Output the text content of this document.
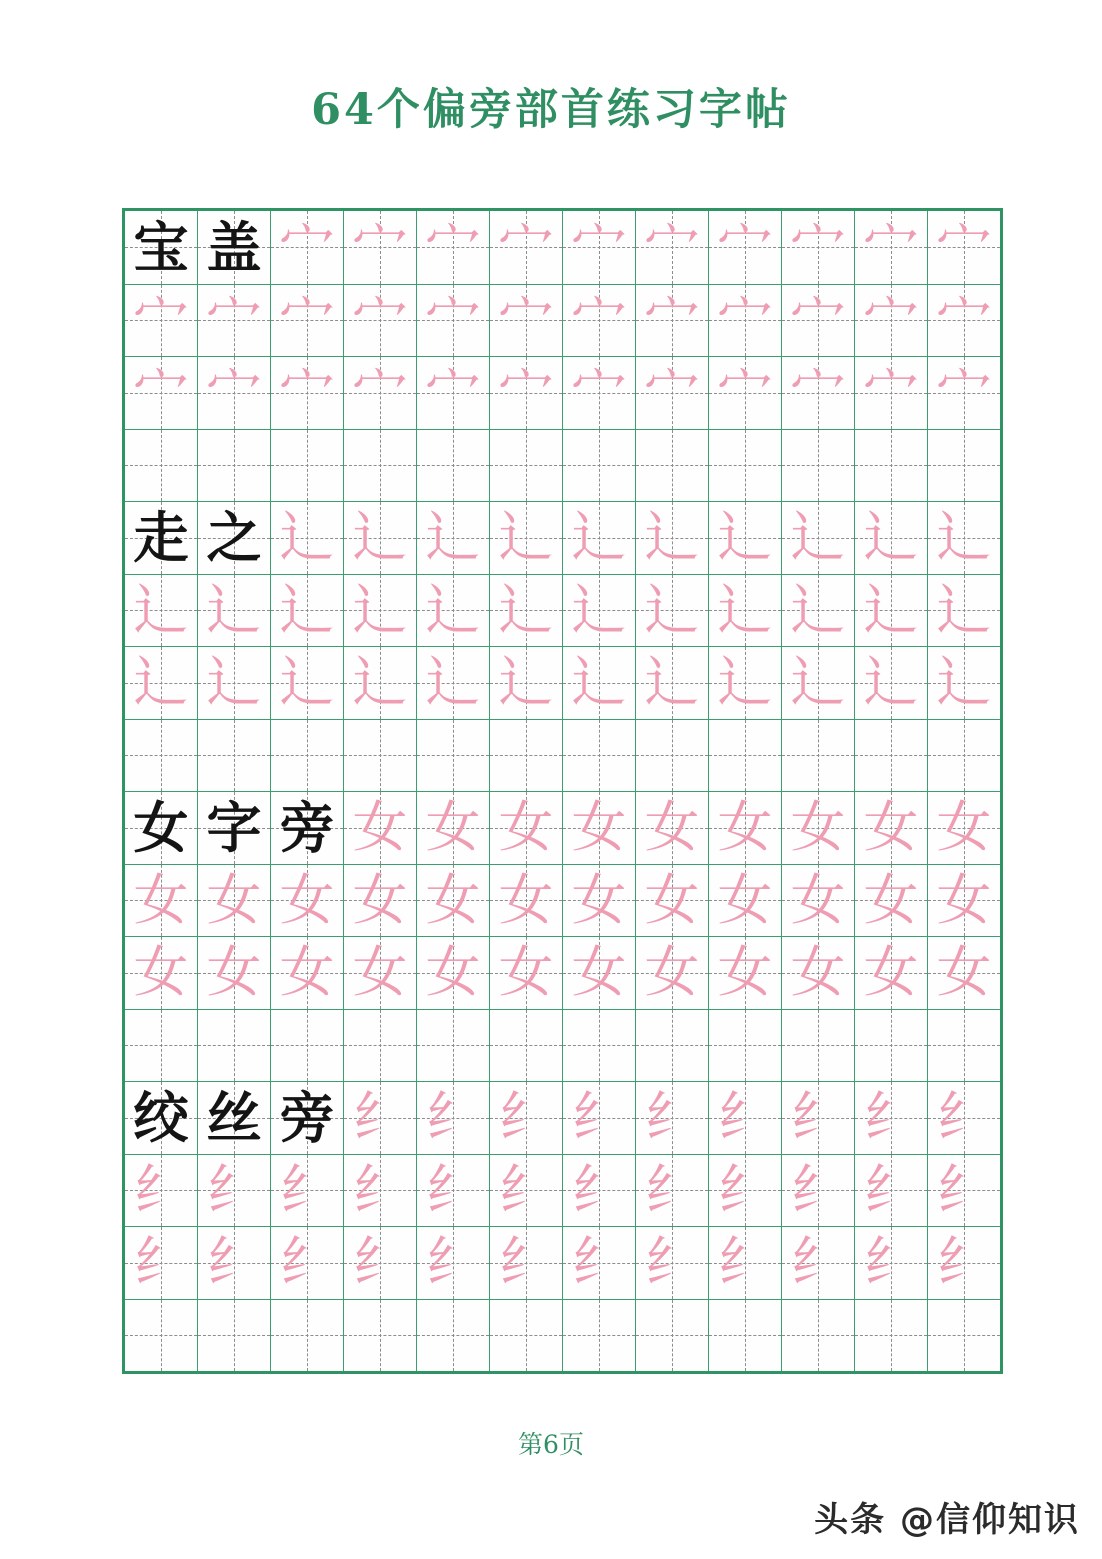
64个偏旁部首练习字帖
宝 盖 宀 宀 宀 宀 宀 宀 宀 宀 宀 宀
宀 宀 宀 宀 宀 宀 宀 宀 宀 宀 宀 宀
宀 宀 宀 宀 宀 宀 宀 宀 宀 宀 宀 宀
走 之 辶 辶 辶 辶 辶 辶 辶 辶 辶 辶
辶 辶 辶 辶 辶 辶 辶 辶 辶 辶 辶 辶
辶 辶 辶 辶 辶 辶 辶 辶 辶 辶 辶 辶
女 字 旁 女 女 女 女 女 女 女 女 女
女 女 女 女 女 女 女 女 女 女 女 女
女 女 女 女 女 女 女 女 女 女 女 女
绞 丝 旁 纟 纟 纟 纟 纟 纟 纟 纟 纟
纟 纟 纟 纟 纟 纟 纟 纟 纟 纟 纟 纟
纟 纟 纟 纟 纟 纟 纟 纟 纟 纟 纟 纟
第6页
头条 @信仰知识
